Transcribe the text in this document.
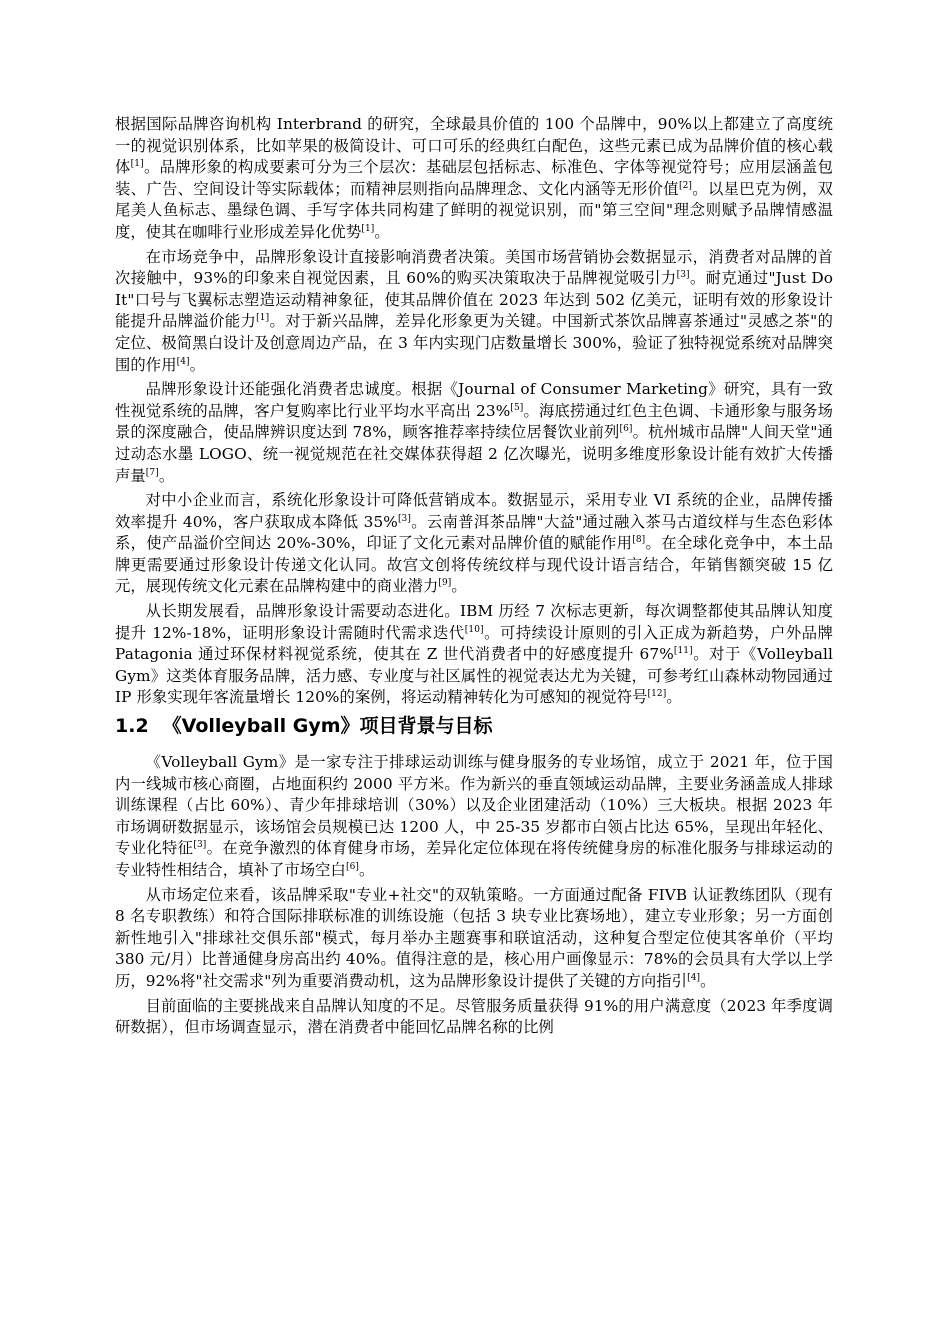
根据国际品牌咨询机构 Interbrand 的研究，全球最具价值的 100 个品牌中，90%以上都建立了高度统一的视觉识别体系，比如苹果的极简设计、可口可乐的经典红白配色，这些元素已成为品牌价值的核心载体[1]。品牌形象的构成要素可分为三个层次：基础层包括标志、标准色、字体等视觉符号；应用层涵盖包装、广告、空间设计等实际载体；而精神层则指向品牌理念、文化内涵等无形价值[2]。以星巴克为例，双尾美人鱼标志、墨绿色调、手写字体共同构建了鲜明的视觉识别，而"第三空间"理念则赋予品牌情感温度，使其在咖啡行业形成差异化优势[1]。

在市场竞争中，品牌形象设计直接影响消费者决策。美国市场营销协会数据显示，消费者对品牌的首次接触中，93%的印象来自视觉因素，且 60%的购买决策取决于品牌视觉吸引力[3]。耐克通过"Just Do It"口号与飞翼标志塑造运动精神象征，使其品牌价值在 2023 年达到 502 亿美元，证明有效的形象设计能提升品牌溢价能力[1]。对于新兴品牌，差异化形象更为关键。中国新式茶饮品牌喜茶通过"灵感之茶"的定位、极简黑白设计及创意周边产品，在 3 年内实现门店数量增长 300%，验证了独特视觉系统对品牌突围的作用[4]。

品牌形象设计还能强化消费者忠诚度。根据《Journal of Consumer Marketing》研究，具有一致性视觉系统的品牌，客户复购率比行业平均水平高出 23%[5]。海底捞通过红色主色调、卡通形象与服务场景的深度融合，使品牌辨识度达到 78%，顾客推荐率持续位居餐饮业前列[6]。杭州城市品牌"人间天堂"通过动态水墨 LOGO、统一视觉规范在社交媒体获得超 2 亿次曝光，说明多维度形象设计能有效扩大传播声量[7]。

对中小企业而言，系统化形象设计可降低营销成本。数据显示，采用专业 VI 系统的企业，品牌传播效率提升 40%，客户获取成本降低 35%[3]。云南普洱茶品牌"大益"通过融入茶马古道纹样与生态色彩体系，使产品溢价空间达 20%-30%，印证了文化元素对品牌价值的赋能作用[8]。在全球化竞争中，本土品牌更需要通过形象设计传递文化认同。故宫文创将传统纹样与现代设计语言结合，年销售额突破 15 亿元，展现传统文化元素在品牌构建中的商业潜力[9]。

从长期发展看，品牌形象设计需要动态进化。IBM 历经 7 次标志更新，每次调整都使其品牌认知度提升 12%-18%，证明形象设计需随时代需求迭代[10]。可持续设计原则的引入正成为新趋势，户外品牌 Patagonia 通过环保材料视觉系统，使其在 Z 世代消费者中的好感度提升 67%[11]。对于《Volleyball Gym》这类体育服务品牌，活力感、专业度与社区属性的视觉表达尤为关键，可参考红山森林动物园通过 IP 形象实现年客流量增长 120%的案例，将运动精神转化为可感知的视觉符号[12]。

1.2 《Volleyball Gym》项目背景与目标

《Volleyball Gym》是一家专注于排球运动训练与健身服务的专业场馆，成立于 2021 年，位于国内一线城市核心商圈，占地面积约 2000 平方米。作为新兴的垂直领域运动品牌，主要业务涵盖成人排球训练课程（占比 60%）、青少年排球培训（30%）以及企业团建活动（10%）三大板块。根据 2023 年市场调研数据显示，该场馆会员规模已达 1200 人，中 25-35 岁都市白领占比达 65%，呈现出年轻化、专业化特征[3]。在竞争激烈的体育健身市场，差异化定位体现在将传统健身房的标准化服务与排球运动的专业特性相结合，填补了市场空白[6]。

从市场定位来看，该品牌采取"专业+社交"的双轨策略。一方面通过配备 FIVB 认证教练团队（现有 8 名专职教练）和符合国际排联标准的训练设施（包括 3 块专业比赛场地），建立专业形象；另一方面创新性地引入"排球社交俱乐部"模式，每月举办主题赛事和联谊活动，这种复合型定位使其客单价（平均 380 元/月）比普通健身房高出约 40%。值得注意的是，核心用户画像显示：78%的会员具有大学以上学历，92%将"社交需求"列为重要消费动机，这为品牌形象设计提供了关键的方向指引[4]。

目前面临的主要挑战来自品牌认知度的不足。尽管服务质量获得 91%的用户满意度（2023 年季度调研数据），但市场调查显示，潜在消费者中能回忆品牌名称的比例
